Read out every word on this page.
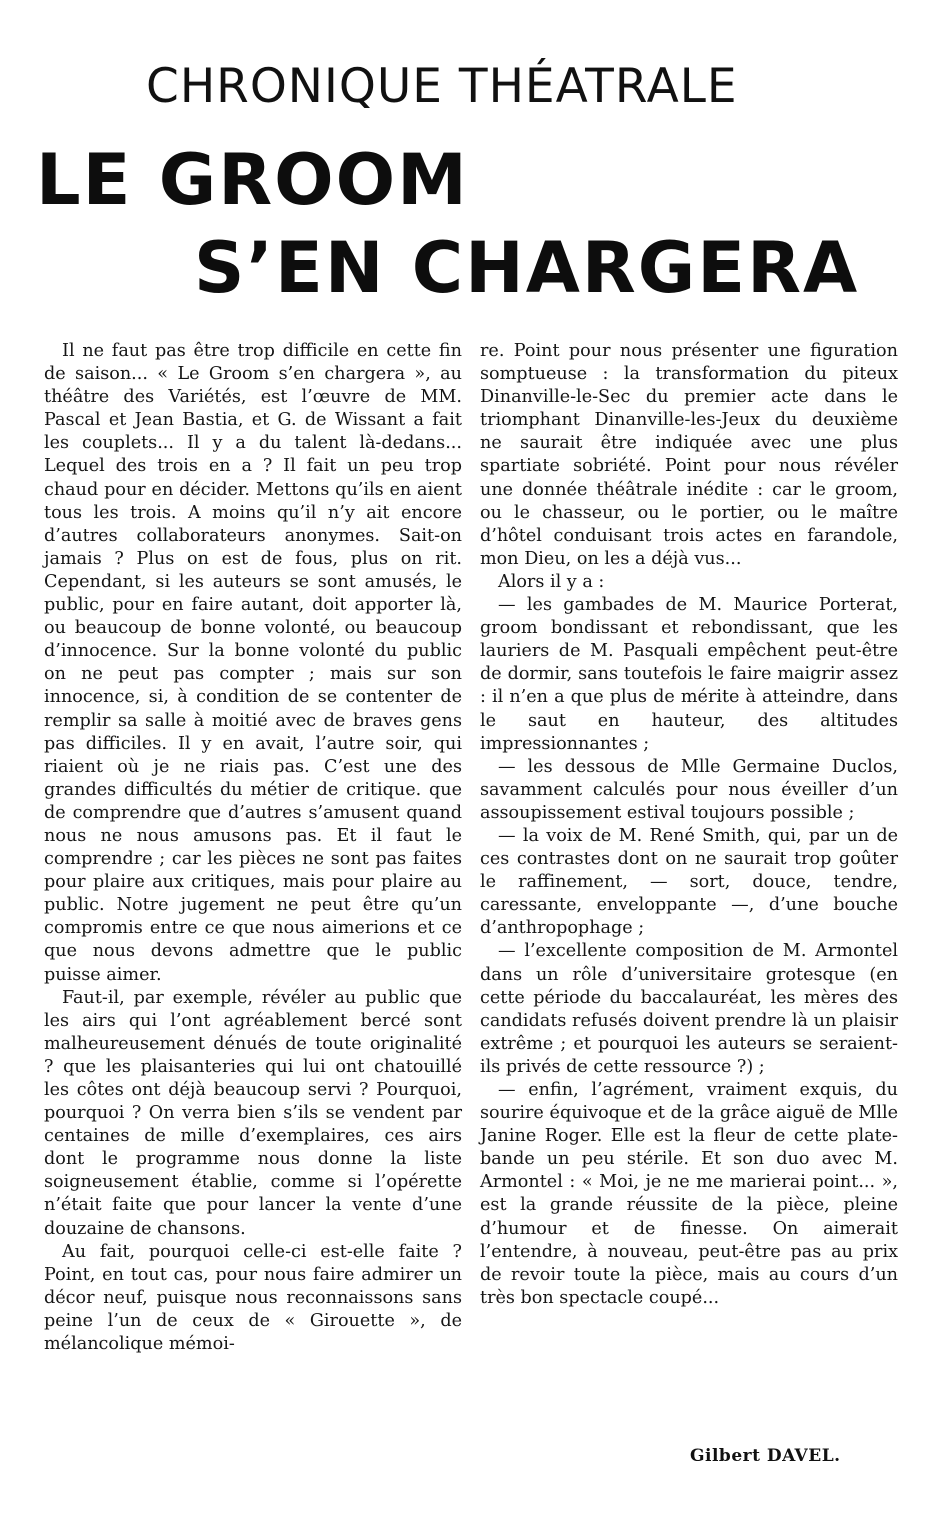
CHRONIQUE THÉATRALE
LE GROOM
S’EN CHARGERA

Il ne faut pas être trop difficile en cette fin de saison... « Le Groom s’en chargera », au théâtre des Variétés, est l’œuvre de MM. Pascal et Jean Bastia, et G. de Wissant a fait les couplets... Il y a du talent là-dedans... Lequel des trois en a ? Il fait un peu trop chaud pour en décider. Mettons qu’ils en aient tous les trois. A moins qu’il n’y ait encore d’autres collaborateurs anonymes. Sait-on jamais ? Plus on est de fous, plus on rit. Cependant, si les auteurs se sont amusés, le public, pour en faire autant, doit apporter là, ou beaucoup de bonne volonté, ou beaucoup d’innocence. Sur la bonne volonté du public on ne peut pas compter ; mais sur son innocence, si, à condition de se contenter de remplir sa salle à moitié avec de braves gens pas difficiles. Il y en avait, l’autre soir, qui riaient où je ne riais pas. C’est une des grandes difficultés du métier de critique. que de comprendre que d’autres s’amusent quand nous ne nous amusons pas. Et il faut le comprendre ; car les pièces ne sont pas faites pour plaire aux critiques, mais pour plaire au public. Notre jugement ne peut être qu’un compromis entre ce que nous aimerions et ce que nous devons admettre que le public puisse aimer.

Faut-il, par exemple, révéler au public que les airs qui l’ont agréablement bercé sont malheureusement dénués de toute originalité ? que les plaisanteries qui lui ont chatouillé les côtes ont déjà beaucoup servi ? Pourquoi, pourquoi ? On verra bien s’ils se vendent par centaines de mille d’exemplaires, ces airs dont le programme nous donne la liste soigneusement établie, comme si l’opérette n’était faite que pour lancer la vente d’une douzaine de chansons.

Au fait, pourquoi celle-ci est-elle faite ? Point, en tout cas, pour nous faire admirer un décor neuf, puisque nous reconnaissons sans peine l’un de ceux de « Girouette », de mélancolique mémoi-

re. Point pour nous présenter une figuration somptueuse : la transformation du piteux Dinanville-le-Sec du premier acte dans le triomphant Dinanville-les-Jeux du deuxième ne saurait être indiquée avec une plus spartiate sobriété. Point pour nous révéler une donnée théâtrale inédite : car le groom, ou le chasseur, ou le portier, ou le maître d’hôtel conduisant trois actes en farandole, mon Dieu, on les a déjà vus...

Alors il y a :

— les gambades de M. Maurice Porterat, groom bondissant et rebondissant, que les lauriers de M. Pasquali empêchent peut-être de dormir, sans toutefois le faire maigrir assez : il n’en a que plus de mérite à atteindre, dans le saut en hauteur, des altitudes impressionnantes ;

— les dessous de Mlle Germaine Duclos, savamment calculés pour nous éveiller d’un assoupissement estival toujours possible ;

— la voix de M. René Smith, qui, par un de ces contrastes dont on ne saurait trop goûter le raffinement, — sort, douce, tendre, caressante, enveloppante —, d’une bouche d’anthropophage ;

— l’excellente composition de M. Armontel dans un rôle d’universitaire grotesque (en cette période du baccalauréat, les mères des candidats refusés doivent prendre là un plaisir extrême ; et pourquoi les auteurs se seraient-ils privés de cette ressource ?) ;

— enfin, l’agrément, vraiment exquis, du sourire équivoque et de la grâce aiguë de Mlle Janine Roger. Elle est la fleur de cette plate-bande un peu stérile. Et son duo avec M. Armontel : « Moi, je ne me marierai point... », est la grande réussite de la pièce, pleine d’humour et de finesse. On aimerait l’entendre, à nouveau, peut-être pas au prix de revoir toute la pièce, mais au cours d’un très bon spectacle coupé...

Gilbert DAVEL.
